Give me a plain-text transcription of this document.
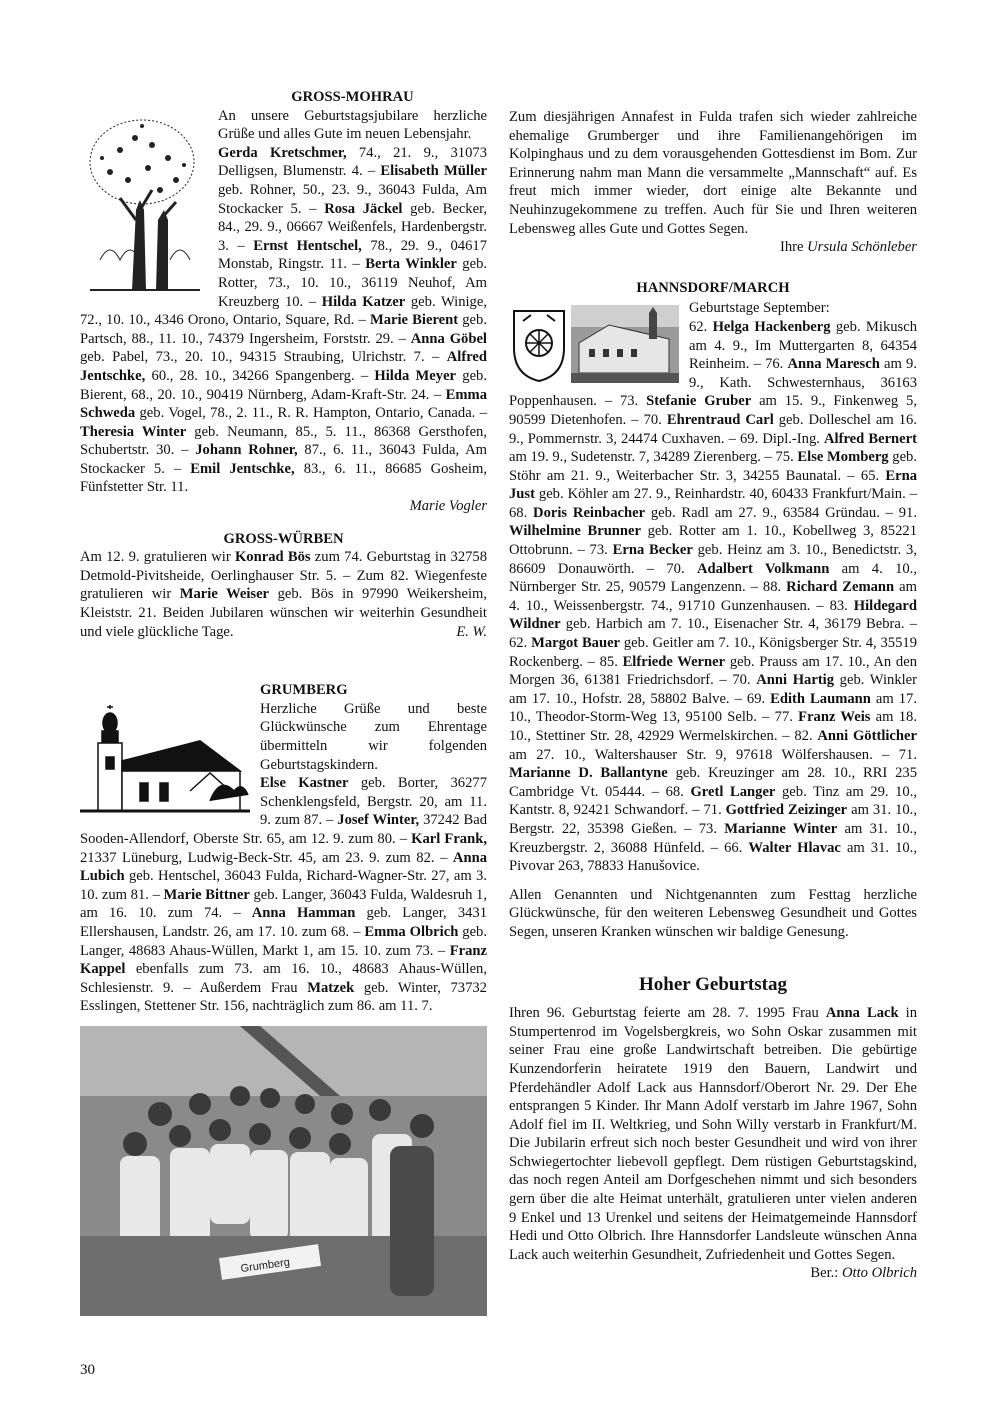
GROSS-MOHRAU

An unsere Geburtstagsjubilare herzliche Grüße und alles Gute im neuen Lebensjahr.
Gerda Kretschmer, 74., 21. 9., 31073 Delligsen, Blumenstr. 4. – Elisabeth Müller geb. Rohner, 50., 23. 9., 36043 Fulda, Am Stockacker 5. – Rosa Jäckel geb. Becker, 84., 29. 9., 06667 Weißenfels, Hardenbergstr. 3. – Ernst Hentschel, 78., 29. 9., 04617 Monstab, Ringstr. 11. – Berta Winkler geb. Rotter, 73., 10. 10., 36119 Neuhof, Am Kreuzberg 10. – Hilda Katzer geb. Winige, 72., 10. 10., 4346 Orono, Ontario, Square, Rd. – Marie Bierent geb. Partsch, 88., 11. 10., 74379 Ingersheim, Forststr. 29. – Anna Göbel geb. Pabel, 73., 20. 10., 94315 Straubing, Ulrichstr. 7. – Alfred Jentschke, 60., 28. 10., 34266 Spangenberg. – Hilda Meyer geb. Bierent, 68., 20. 10., 90419 Nürnberg, Adam-Kraft-Str. 24. – Emma Schweda geb. Vogel, 78., 2. 11., R. R. Hampton, Ontario, Canada. – Theresia Winter geb. Neumann, 85., 5. 11., 86368 Gersthofen, Schubertstr. 30. – Johann Rohner, 87., 6. 11., 36043 Fulda, Am Stockacker 5. – Emil Jentschke, 83., 6. 11., 86685 Gosheim, Fünfstetter Str. 11.

Marie Vogler

GROSS-WÜRBEN

Am 12. 9. gratulieren wir Konrad Bös zum 74. Geburtstag in 32758 Detmold-Pivitsheide, Oerlinghauser Str. 5. – Zum 82. Wiegenfeste gratulieren wir Marie Weiser geb. Bös in 97990 Weikersheim, Kleiststr. 21. Beiden Jubilaren wünschen wir weiterhin Gesundheit und viele glückliche Tage.	E. W.

GRUMBERG

Herzliche Grüße und beste Glückwünsche zum Ehrentage übermitteln wir folgenden Geburtstagskindern.
Else Kastner geb. Borter, 36277 Schenklengsfeld, Bergstr. 20, am 11. 9. zum 87. – Josef Winter, 37242 Bad Sooden-Allendorf, Oberste Str. 65, am 12. 9. zum 80. – Karl Frank, 21337 Lüneburg, Ludwig-Beck-Str. 45, am 23. 9. zum 82. – Anna Lubich geb. Hentschel, 36043 Fulda, Richard-Wagner-Str. 27, am 3. 10. zum 81. – Marie Bittner geb. Langer, 36043 Fulda, Waldesruh 1, am 16. 10. zum 74. – Anna Hamman geb. Langer, 3431 Ellershausen, Landstr. 26, am 17. 10. zum 68. – Emma Olbrich geb. Langer, 48683 Ahaus-Wüllen, Markt 1, am 15. 10. zum 73. – Franz Kappel ebenfalls zum 73. am 16. 10., 48683 Ahaus-Wüllen, Schlesienstr. 9. – Außerdem Frau Matzek geb. Winter, 73732 Esslingen, Stettener Str. 156, nachträglich zum 86. am 11. 7.

Grumberg

Zum diesjährigen Annafest in Fulda trafen sich wieder zahlreiche ehemalige Grumberger und ihre Familienangehörigen im Kolpinghaus und zu dem vorausgehenden Gottesdienst im Bom. Zur Erinnerung nahm man Mann die versammelte „Mannschaft“ auf. Es freut mich immer wieder, dort einige alte Bekannte und Neuhinzugekommene zu treffen. Auch für Sie und Ihren weiteren Lebensweg alles Gute und Gottes Segen.

Ihre Ursula Schönleber

HANNSDORF/MARCH

Geburtstage September:
62. Helga Hackenberg geb. Mikusch am 4. 9., Im Muttergarten 8, 64354 Reinheim. – 76. Anna Maresch am 9. 9., Kath. Schwesternhaus, 36163 Poppenhausen. – 73. Stefanie Gruber am 15. 9., Finkenweg 5, 90599 Dietenhofen. – 70. Ehrentraud Carl geb. Dolleschel am 16. 9., Pommernstr. 3, 24474 Cuxhaven. – 69. Dipl.-Ing. Alfred Bernert am 19. 9., Sudetenstr. 7, 34289 Zierenberg. – 75. Else Momberg geb. Stöhr am 21. 9., Weiterbacher Str. 3, 34255 Baunatal. – 65. Erna Just geb. Köhler am 27. 9., Reinhardstr. 40, 60433 Frankfurt/Main. – 68. Doris Reinbacher geb. Radl am 27. 9., 63584 Gründau. – 91. Wilhelmine Brunner geb. Rotter am 1. 10., Kobellweg 3, 85221 Ottobrunn. – 73. Erna Becker geb. Heinz am 3. 10., Benedictstr. 3, 86609 Donauwörth. – 70. Adalbert Volkmann am 4. 10., Nürnberger Str. 25, 90579 Langenzenn. – 88. Richard Zemann am 4. 10., Weissenbergstr. 74., 91710 Gunzenhausen. – 83. Hildegard Wildner geb. Harbich am 7. 10., Eisenacher Str. 4, 36179 Bebra. – 62. Margot Bauer geb. Geitler am 7. 10., Königsberger Str. 4, 35519 Rockenberg. – 85. Elfriede Werner geb. Prauss am 17. 10., An den Morgen 36, 61381 Friedrichsdorf. – 70. Anni Hartig geb. Winkler am 17. 10., Hofstr. 28, 58802 Balve. – 69. Edith Laumann am 17. 10., Theodor-Storm-Weg 13, 95100 Selb. – 77. Franz Weis am 18. 10., Stettiner Str. 28, 42929 Wermelskirchen. – 82. Anni Göttlicher am 27. 10., Waltershauser Str. 9, 97618 Wölfershausen. – 71. Marianne D. Ballantyne geb. Kreuzinger am 28. 10., RRI 235 Cambridge Vt. 05444. – 68. Gretl Langer geb. Tinz am 29. 10., Kantstr. 8, 92421 Schwandorf. – 71. Gottfried Zeizinger am 31. 10., Bergstr. 22, 35398 Gießen. – 73. Marianne Winter am 31. 10., Kreuzbergstr. 2, 36088 Hünfeld. – 66. Walter Hlavac am 31. 10., Pivovar 263, 78833 Hanušovice.

Allen Genannten und Nichtgenannten zum Festtag herzliche Glückwünsche, für den weiteren Lebensweg Gesundheit und Gottes Segen, unseren Kranken wünschen wir baldige Genesung.

Hoher Geburtstag

Ihren 96. Geburtstag feierte am 28. 7. 1995 Frau Anna Lack in Stumpertenrod im Vogelsbergkreis, wo Sohn Oskar zusammen mit seiner Frau eine große Landwirtschaft betreiben. Die gebürtige Kunzendorferin heiratete 1919 den Bauern, Landwirt und Pferdehändler Adolf Lack aus Hannsdorf/Oberort Nr. 29. Der Ehe entsprangen 5 Kinder. Ihr Mann Adolf verstarb im Jahre 1967, Sohn Adolf fiel im II. Weltkrieg, und Sohn Willy verstarb in Frankfurt/M. Die Jubilarin erfreut sich noch bester Gesundheit und wird von ihrer Schwiegertochter liebevoll gepflegt. Dem rüstigen Geburtstagskind, das noch regen Anteil am Dorfgeschehen nimmt und sich besonders gern über die alte Heimat unterhält, gratulieren unter vielen anderen 9 Enkel und 13 Urenkel und seitens der Heimatgemeinde Hannsdorf Hedi und Otto Olbrich. Ihre Hannsdorfer Landsleute wünschen Anna Lack auch weiterhin Gesundheit, Zufriedenheit und Gottes Segen.

Ber.: Otto Olbrich

30
